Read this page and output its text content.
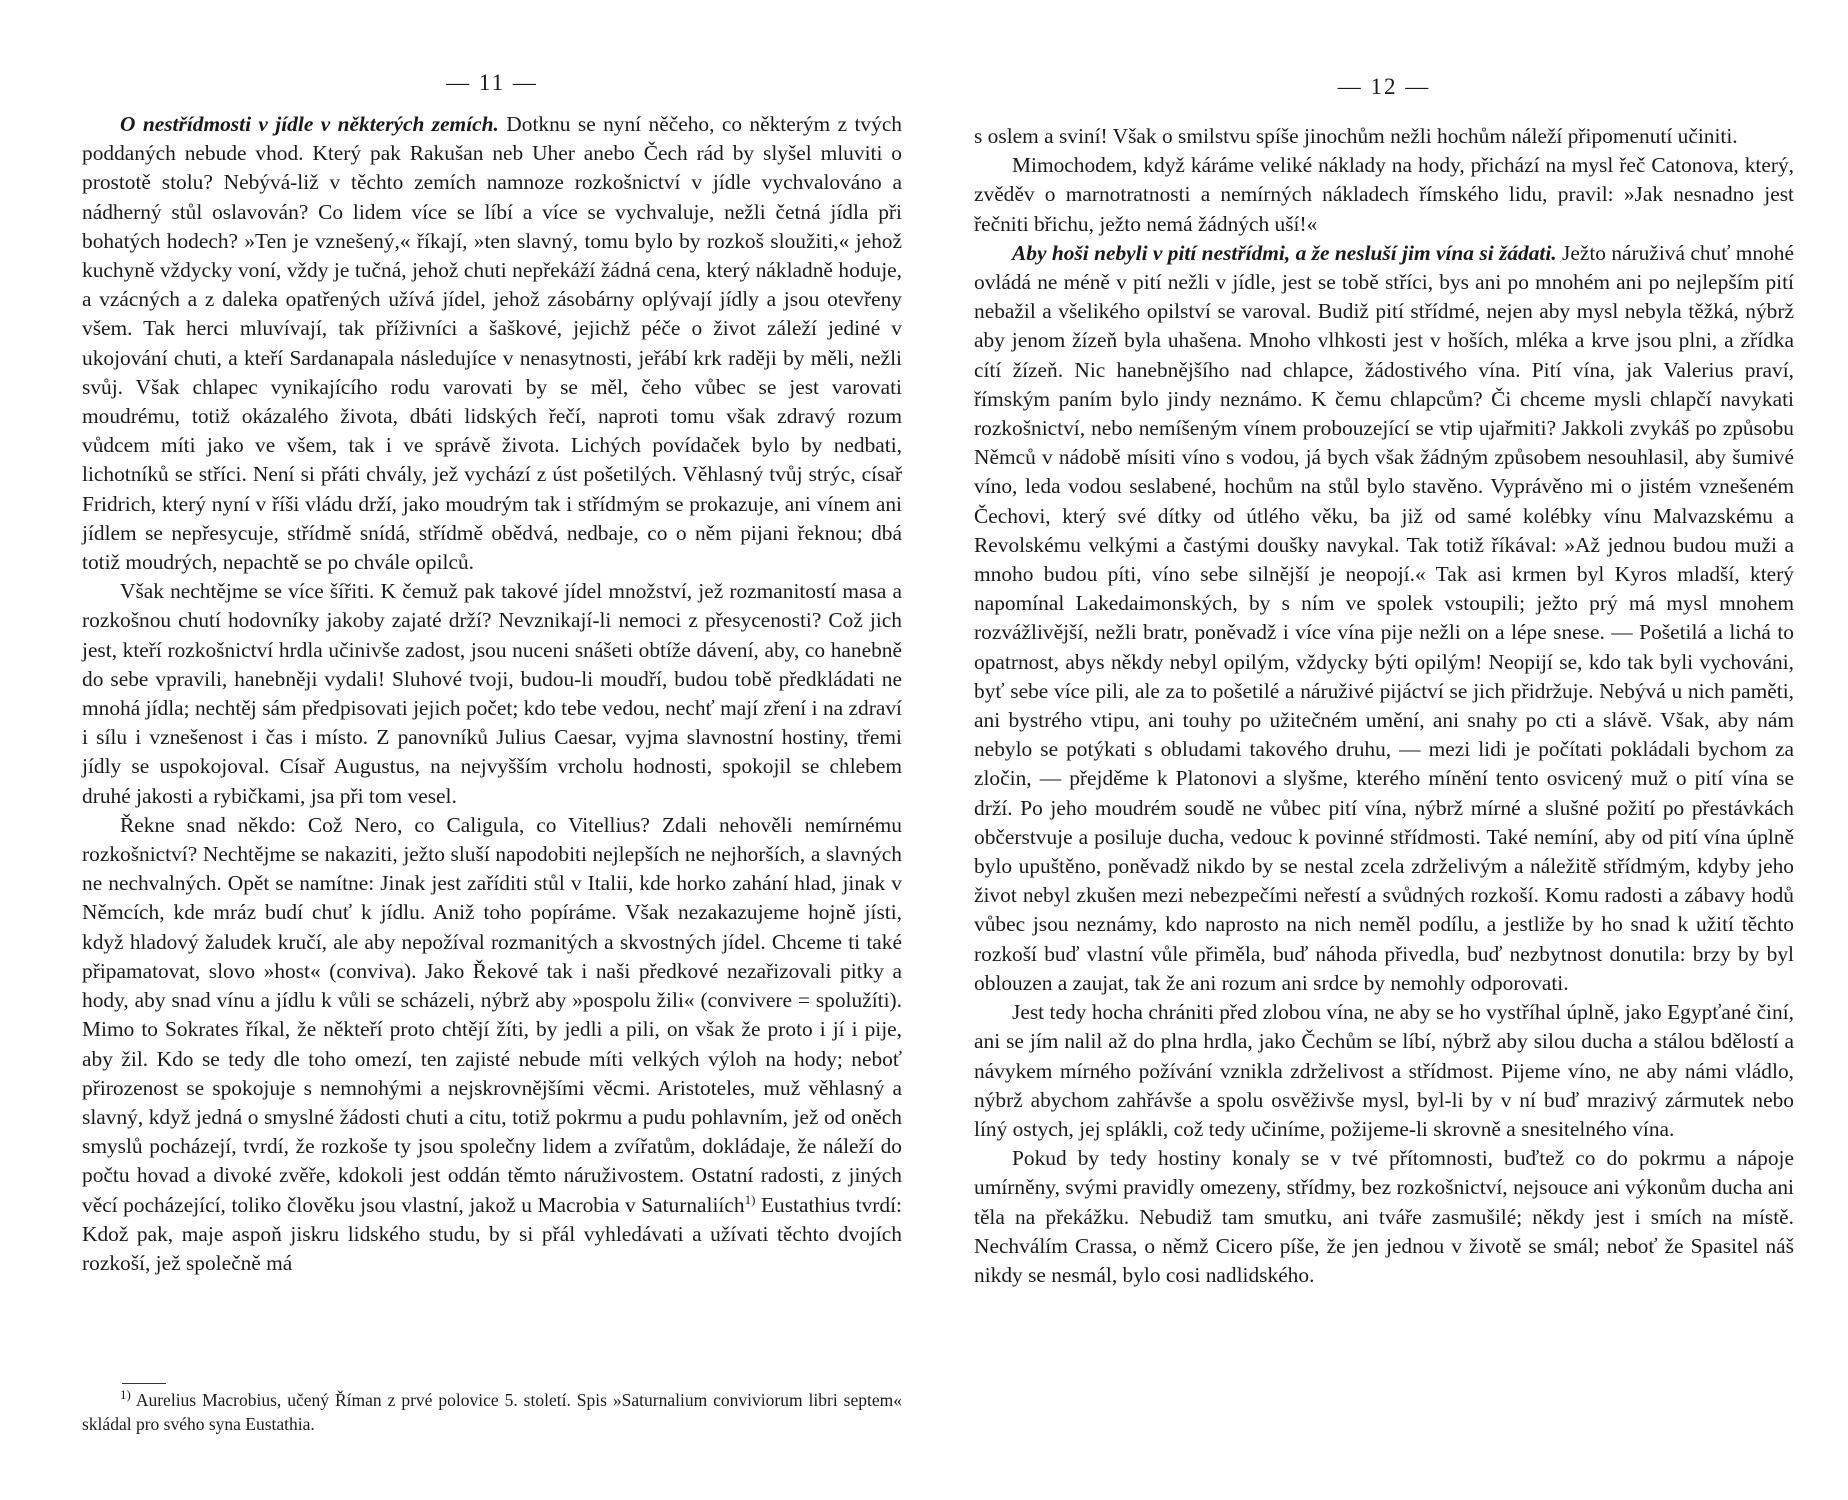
— 11 —

O nestřídmosti v jídle v některých zemích. Dotknu se nyní něčeho, co některým z tvých poddaných nebude vhod. Který pak Rakušan neb Uher anebo Čech rád by slyšel mluviti o prostotě stolu? Nebývá-liž v těchto zemích namnoze rozkošnictví v jídle vychvalováno a nádherný stůl oslavován? Co lidem více se líbí a více se vychvaluje, nežli četná jídla při bohatých hodech? »Ten je vznešený,« říkají, »ten slavný, tomu bylo by rozkoš sloužiti,« jehož kuchyně vždycky voní, vždy je tučná, jehož chuti nepřekáží žádná cena, který nákladně hoduje, a vzácných a z daleka opatřených užívá jídel, jehož zásobárny oplývají jídly a jsou otevřeny všem. Tak herci mluvívají, tak příživníci a šaškové, jejichž péče o život záleží jediné v ukojování chuti, a kteří Sardanapala následujíce v nenasytnosti, jeřábí krk raději by měli, nežli svůj. Však chlapec vynikajícího rodu varovati by se měl, čeho vůbec se jest varovati moudrému, totiž okázalého života, dbáti lidských řečí, naproti tomu však zdravý rozum vůdcem míti jako ve všem, tak i ve správě života. Lichých povídaček bylo by nedbati, lichotníků se stříci. Není si přáti chvály, jež vychází z úst pošetilých. Věhlasný tvůj strýc, císař Fridrich, který nyní v říši vládu drží, jako moudrým tak i střídmým se prokazuje, ani vínem ani jídlem se nepřesycuje, střídmě snídá, střídmě obědvá, nedbaje, co o něm pijani řeknou; dbá totiž moudrých, nepachtě se po chvále opilců.

Však nechtějme se více šířiti. K čemuž pak takové jídel množství, jež rozmanitostí masa a rozkošnou chutí hodovníky jakoby zajaté drží? Nevznikají-li nemoci z přesycenosti? Což jich jest, kteří rozkošnictví hrdla učinivše zadost, jsou nuceni snášeti obtíže dávení, aby, co hanebně do sebe vpravili, hanebněji vydali! Sluhové tvoji, budou-li moudří, budou tobě předkládati ne mnohá jídla; nechtěj sám předpisovati jejich počet; kdo tebe vedou, nechť mají zření i na zdraví i sílu i vznešenost i čas i místo. Z panovníků Julius Caesar, vyjma slavnostní hostiny, třemi jídly se uspokojoval. Císař Augustus, na nejvyšším vrcholu hodnosti, spokojil se chlebem druhé jakosti a rybičkami, jsa při tom vesel.

Řekne snad někdo: Což Nero, co Caligula, co Vitellius? Zdali nehověli nemírnému rozkošnictví? Nechtějme se nakaziti, ježto sluší napodobiti nejlepších ne nejhorších, a slavných ne nechvalných. Opět se namítne: Jinak jest zaříditi stůl v Italii, kde horko zahání hlad, jinak v Němcích, kde mráz budí chuť k jídlu. Aniž toho popíráme. Však nezakazujeme hojně jísti, když hladový žaludek kručí, ale aby nepožíval rozmanitých a skvostných jídel. Chceme ti také připamatovat, slovo »host« (conviva). Jako Řekové tak i naši předkové nezařizovali pitky a hody, aby snad vínu a jídlu k vůli se scházeli, nýbrž aby »pospolu žili« (convivere = spolužíti). Mimo to Sokrates říkal, že někteří proto chtějí žíti, by jedli a pili, on však že proto i jí i pije, aby žil. Kdo se tedy dle toho omezí, ten zajisté nebude míti velkých výloh na hody; neboť přirozenost se spokojuje s nemnohými a nejskrovnějšími věcmi. Aristoteles, muž věhlasný a slavný, když jedná o smyslné žádosti chuti a citu, totiž pokrmu a pudu pohlavním, jež od oněch smyslů pocházejí, tvrdí, že rozkoše ty jsou společny lidem a zvířatům, dokládaje, že náleží do počtu hovad a divoké zvěře, kdokoli jest oddán těmto náruživostem. Ostatní radosti, z jiných věcí pocházející, toliko člověku jsou vlastní, jakož u Macrobia v Saturnaliích$^{1)}$ Eustathius tvrdí: Kdož pak, maje aspoň jiskru lidského studu, by si přál vyhledávati a užívati těchto dvojích rozkoší, jež společně má

$^{1)}$ Aurelius Macrobius, učený Říman z prvé polovice 5. století. Spis »Saturnalium conviviorum libri septem« skládal pro svého syna Eustathia.
— 12 —

s oslem a sviní! Však o smilstvu spíše jinochům nežli hochům náleží připomenutí učiniti.

Mimochodem, když káráme veliké náklady na hody, přichází na mysl řeč Catonova, který, zvěděv o marnotratnosti a nemírných nákladech římského lidu, pravil: »Jak nesnadno jest řečniti břichu, ježto nemá žádných uší!«

Aby hoši nebyli v pití nestřídmi, a že nesluší jim vína si žádati. Ježto náruživá chuť mnohé ovládá ne méně v pití nežli v jídle, jest se tobě stříci, bys ani po mnohém ani po nejlepším pití nebažil a všelikého opilství se varoval. Budiž pití střídmé, nejen aby mysl nebyla těžká, nýbrž aby jenom žízeň byla uhašena. Mnoho vlhkosti jest v hoších, mléka a krve jsou plni, a zřídka cítí žízeň. Nic hanebnějšího nad chlapce, žádostivého vína. Pití vína, jak Valerius praví, římským paním bylo jindy neznámo. K čemu chlapcům? Či chceme mysli chlapčí navykati rozkošnictví, nebo nemíšeným vínem probouzející se vtip ujařmiti? Jakkoli zvykáš po způsobu Němců v nádobě mísiti víno s vodou, já bych však žádným způsobem nesouhlasil, aby šumivé víno, leda vodou seslabené, hochům na stůl bylo stavěno. Vyprávěno mi o jistém vznešeném Čechovi, který své dítky od útlého věku, ba již od samé kolébky vínu Malvazskému a Revolskému velkými a častými doušky navykal. Tak totiž říkával: »Až jednou budou muži a mnoho budou píti, víno sebe silnější je neopojí.« Tak asi krmen byl Kyros mladší, který napomínal Lakedaimonských, by s ním ve spolek vstoupili; ježto prý má mysl mnohem rozvážlivější, nežli bratr, poněvadž i více vína pije nežli on a lépe snese. — Pošetilá a lichá to opatrnost, abys někdy nebyl opilým, vždycky býti opilým! Neopijí se, kdo tak byli vychováni, byť sebe více pili, ale za to pošetilé a náruživé pijáctví se jich přidržuje. Nebývá u nich paměti, ani bystrého vtipu, ani touhy po užitečném umění, ani snahy po cti a slávě. Však, aby nám nebylo se potýkati s obludami takového druhu, — mezi lidi je počítati pokládali bychom za zločin, — přejděme k Platonovi a slyšme, kterého mínění tento osvicený muž o pití vína se drží. Po jeho moudrém soudě ne vůbec pití vína, nýbrž mírné a slušné požití po přestávkách občerstvuje a posiluje ducha, vedouc k povinné střídmosti. Také nemíní, aby od pití vína úplně bylo upuštěno, poněvadž nikdo by se nestal zcela zdrželivým a náležitě střídmým, kdyby jeho život nebyl zkušen mezi nebezpečími neřestí a svůdných rozkoší. Komu radosti a zábavy hodů vůbec jsou neznámy, kdo naprosto na nich neměl podílu, a jestliže by ho snad k užití těchto rozkoší buď vlastní vůle přiměla, buď náhoda přivedla, buď nezbytnost donutila: brzy by byl oblouzen a zaujat, tak že ani rozum ani srdce by nemohly odporovati.

Jest tedy hocha chrániti před zlobou vína, ne aby se ho vystříhal úplně, jako Egypťané činí, ani se jím nalil až do plna hrdla, jako Čechům se líbí, nýbrž aby silou ducha a stálou bdělostí a návykem mírného požívání vznikla zdrželivost a střídmost. Pijeme víno, ne aby námi vládlo, nýbrž abychom zahřávše a spolu osvěživše mysl, byl-li by v ní buď mrazivý zármutek nebo líný ostych, jej splákli, což tedy učiníme, požijeme-li skrovně a snesitelného vína.

Pokud by tedy hostiny konaly se v tvé přítomnosti, buďtež co do pokrmu a nápoje umírněny, svými pravidly omezeny, střídmy, bez rozkošnictví, nejsouce ani výkonům ducha ani těla na překážku. Nebudiž tam smutku, ani tváře zasmušilé; někdy jest i smích na místě. Nechválím Crassa, o němž Cicero píše, že jen jednou v životě se smál; neboť že Spasitel náš nikdy se nesmál, bylo cosi nadlidského.
